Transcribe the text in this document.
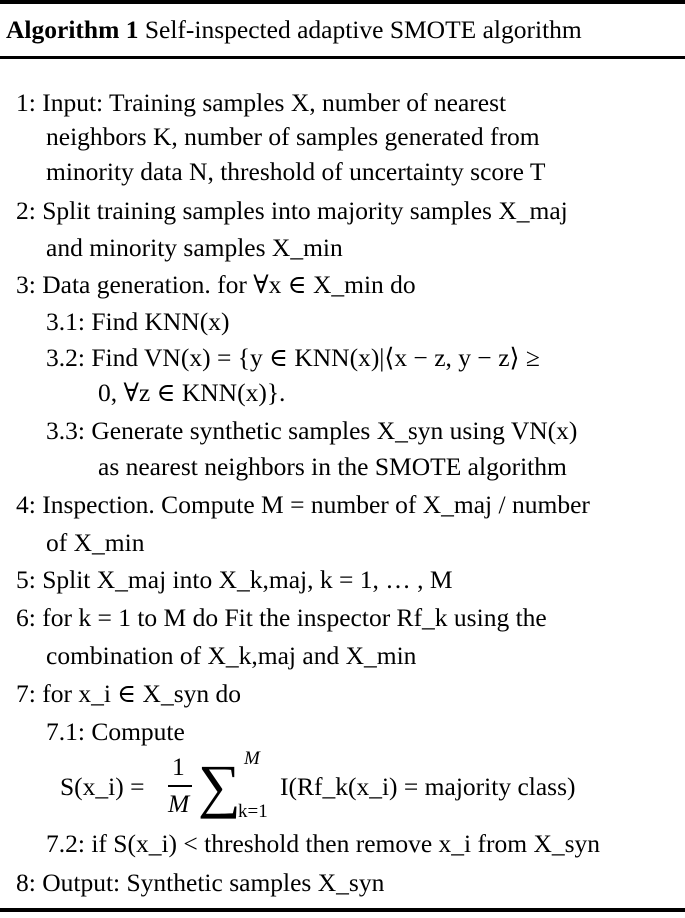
Algorithm 1 Self-inspected adaptive SMOTE algorithm
1: Input: Training samples X, number of nearest
neighbors K, number of samples generated from
minority data N, threshold of uncertainty score T
2: Split training samples into majority samples X_maj
and minority samples X_min
3: Data generation. for ∀x ∈ X_min do
3.1: Find KNN(x)
3.2: Find VN(x) = {y ∈ KNN(x)|⟨x − z, y − z⟩ ≥
0, ∀z ∈ KNN(x)}.
3.3: Generate synthetic samples X_syn using VN(x)
as nearest neighbors in the SMOTE algorithm
4: Inspection. Compute M = number of X_maj / number
of X_min
5: Split X_maj into X_k,maj, k = 1, … , M
6: for k = 1 to M do Fit the inspector Rf_k using the
combination of X_k,maj and X_min
7: for x_i ∈ X_syn do
7.1: Compute
S(x_i) =
1
M ∑ M
k=1
I(Rf_k(x_i) = majority class)
7.2: if S(x_i) < threshold then remove x_i from X_syn
8: Output: Synthetic samples X_syn
